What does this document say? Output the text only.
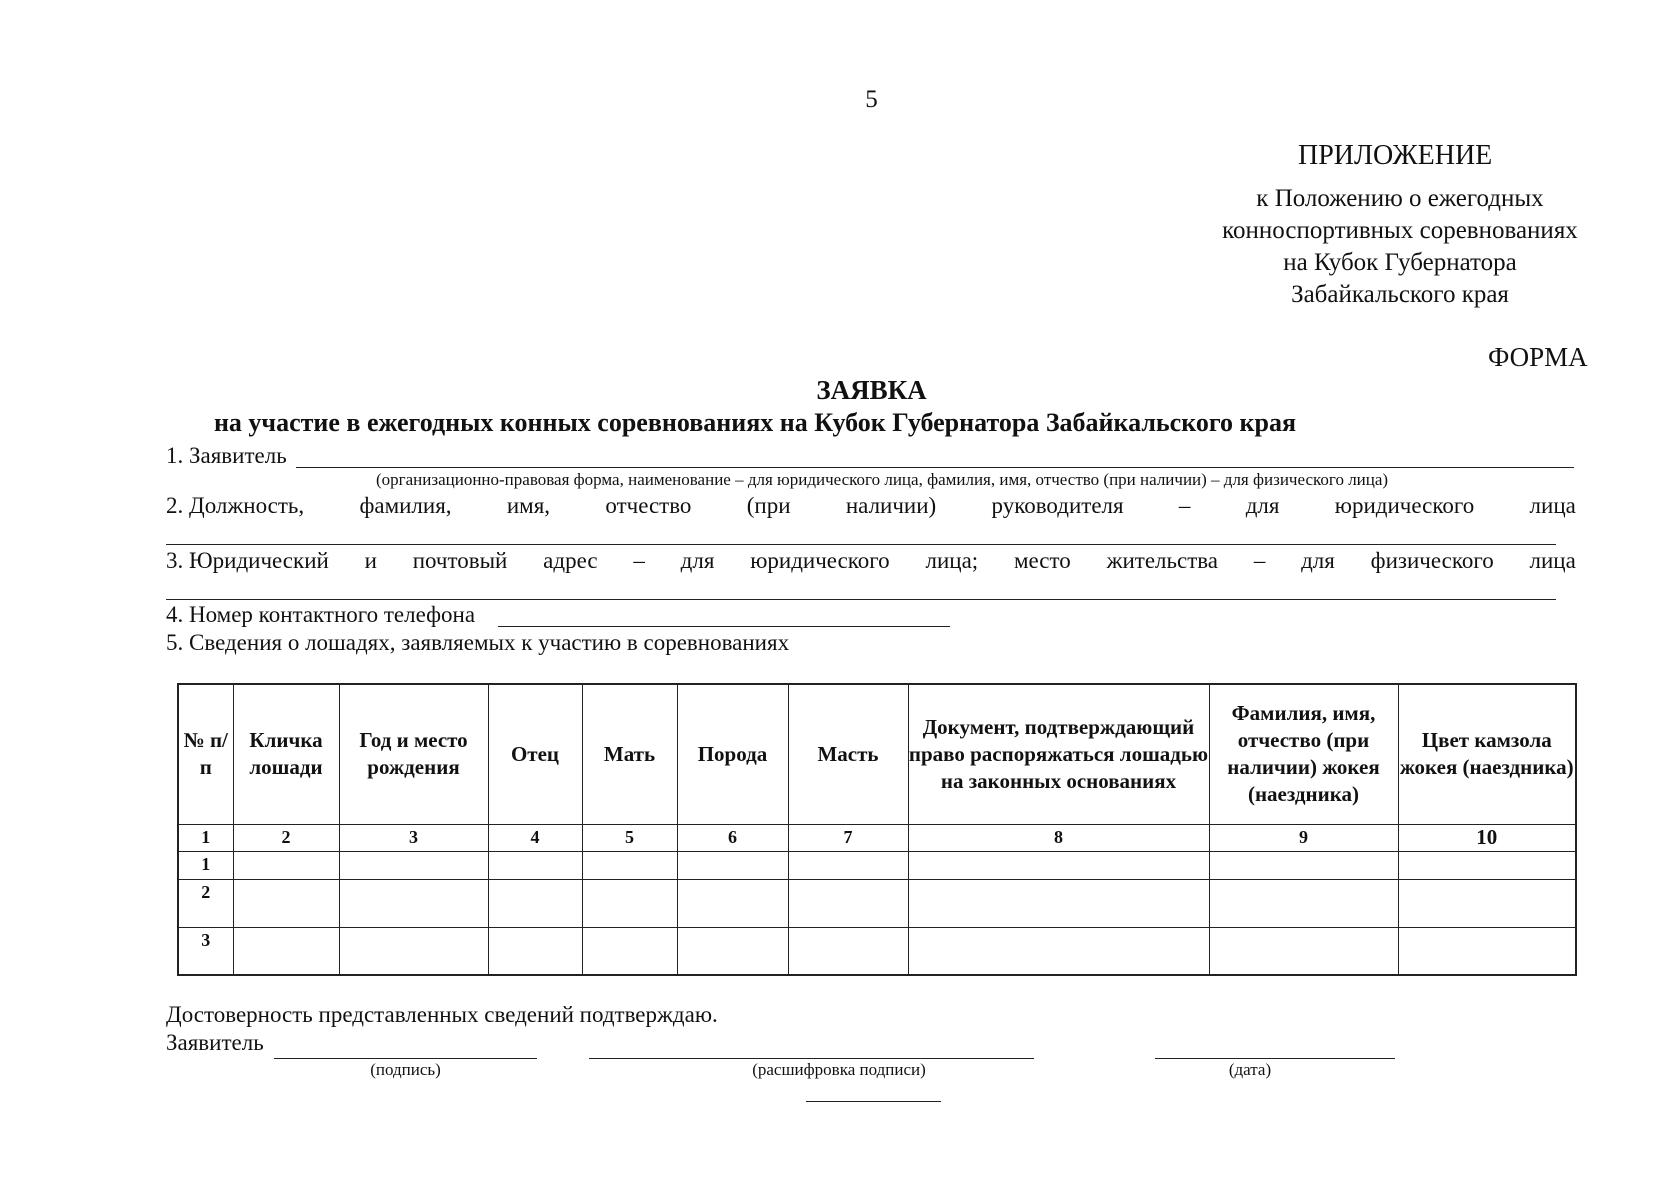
5
ПРИЛОЖЕНИЕ
к Положению о ежегодных
конноспортивных соревнованиях
на Кубок Губернатора
Забайкальского края
ФОРМА
ЗАЯВКА
на участие в ежегодных конных соревнованиях на Кубок Губернатора Забайкальского края
1. Заявитель
(организационно-правовая форма, наименование – для юридического лица, фамилия, имя, отчество (при наличии) – для физического лица)
2. Должность, фамилия, имя, отчество (при наличии) руководителя – для юридического лица
3. Юридический и почтовый адрес – для юридического лица; место жительства – для физического лица
4. Номер контактного телефона
5. Сведения о лошадях, заявляемых к участию в соревнованиях
№ п/п	Кличка лошади	Год и место рождения	Отец	Мать	Порода	Масть	Документ, подтверждающий право распоряжаться лошадью на законных основаниях	Фамилия, имя, отчество (при наличии) жокея (наездника)	Цвет камзола жокея (наездника)
1	2	3	4	5	6	7	8	9	10
1									
2									
3									
Достоверность представленных сведений подтверждаю.
Заявитель
(подпись)	(расшифровка подписи)	(дата)
